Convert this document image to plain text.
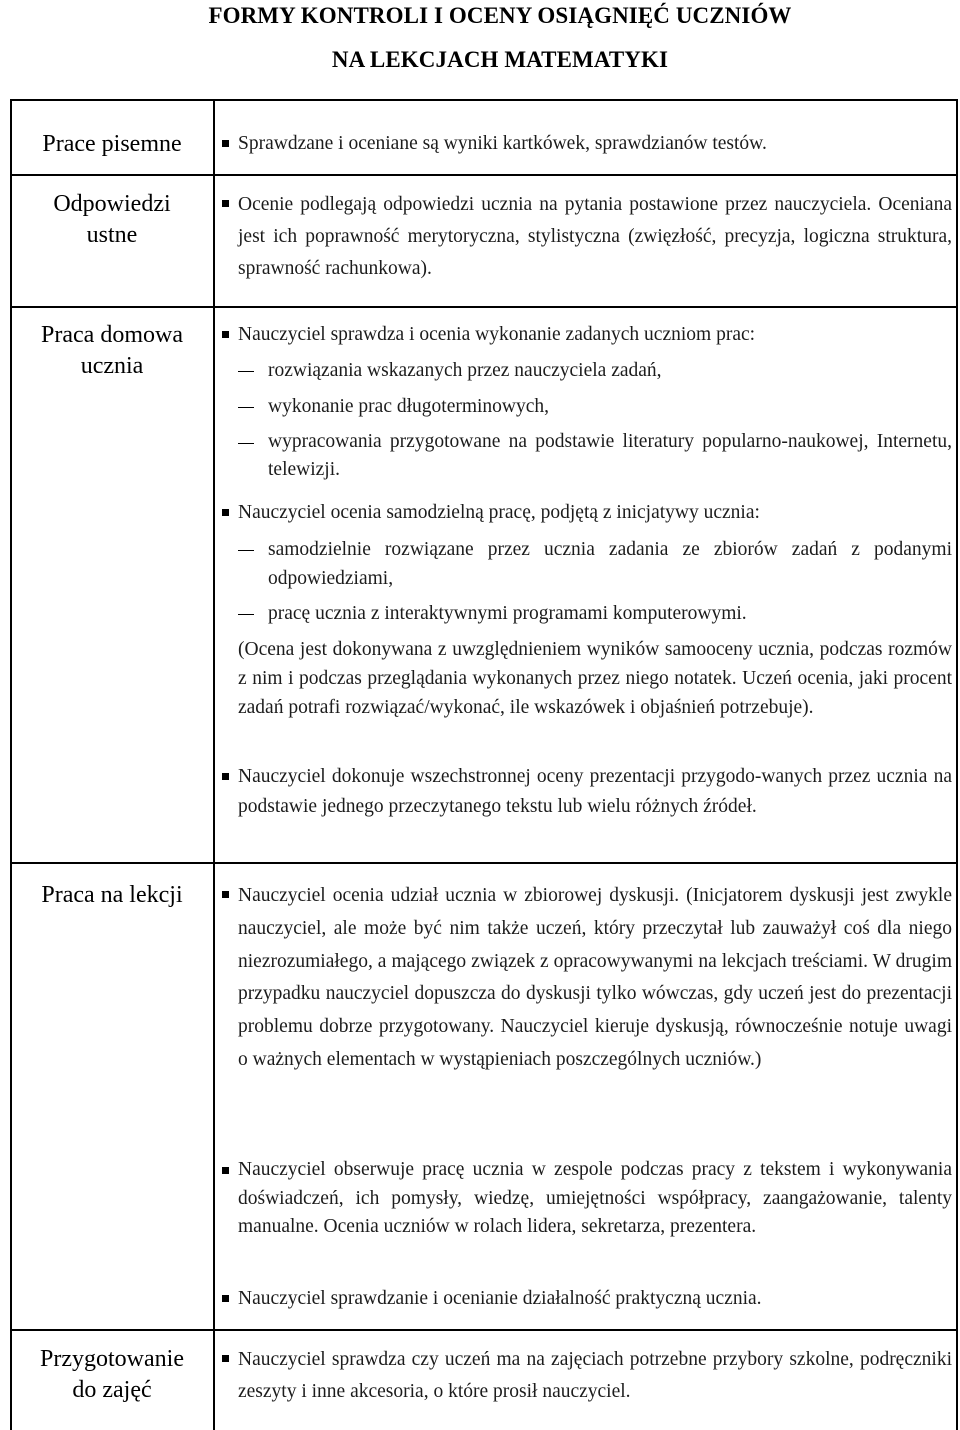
FORMY KONTROLI I OCENY OSIĄGNIĘĆ UCZNIÓW
NA LEKCJACH MATEMATYKI
Prace pisemne	Sprawdzane i oceniane są wyniki kartkówek, sprawdzianów testów.
Odpowiedzi
ustne
Ocenie podlegają odpowiedzi ucznia na pytania postawione przez nauczyciela. Oceniana jest ich poprawność merytoryczna, stylistyczna (zwięzłość, precyzja, logiczna struktura, sprawność rachunkowa).
Praca domowa
ucznia
Nauczyciel sprawdza i ocenia wykonanie zadanych uczniom prac:
rozwiązania wskazanych przez nauczyciela zadań,
wykonanie prac długoterminowych,
wypracowania przygotowane na podstawie literatury popularno-naukowej, Internetu, telewizji.
Nauczyciel ocenia samodzielną pracę, podjętą z inicjatywy ucznia:
samodzielnie rozwiązane przez ucznia zadania ze zbiorów zadań z podanymi odpowiedziami,
pracę ucznia z interaktywnymi programami komputerowymi.
(Ocena jest dokonywana z uwzględnieniem wyników samooceny ucznia, podczas rozmów z nim i podczas przeglądania wykonanych przez niego notatek. Uczeń ocenia, jaki procent zadań potrafi rozwiązać/wykonać, ile wskazówek i objaśnień potrzebuje).
Nauczyciel dokonuje wszechstronnej oceny prezentacji przygodo-wanych przez ucznia na podstawie jednego przeczytanego tekstu lub wielu różnych źródeł.
Praca na lekcji	Nauczyciel ocenia udział ucznia w zbiorowej dyskusji. (Inicjatorem dyskusji jest zwykle nauczyciel, ale może być nim także uczeń, który przeczytał lub zauważył coś dla niego niezrozumiałego, a mającego związek z opracowywanymi na lekcjach treściami. W drugim przypadku nauczyciel dopuszcza do dyskusji tylko wówczas, gdy uczeń jest do prezentacji problemu dobrze przygotowany. Nauczyciel kieruje dyskusją, równocześnie notuje uwagi o ważnych elementach w wystąpieniach poszczególnych uczniów.)
Nauczyciel obserwuje pracę ucznia w zespole podczas pracy z tekstem i wykonywania doświadczeń, ich pomysły, wiedzę, umiejętności współpracy, zaangażowanie, talenty manualne. Ocenia uczniów w rolach lidera, sekretarza, prezentera.
Nauczyciel sprawdzanie i ocenianie działalność praktyczną ucznia.
Przygotowanie
do zajęć
Nauczyciel sprawdza czy uczeń ma na zajęciach potrzebne przybory szkolne, podręczniki zeszyty i inne akcesoria, o które prosił nauczyciel.
